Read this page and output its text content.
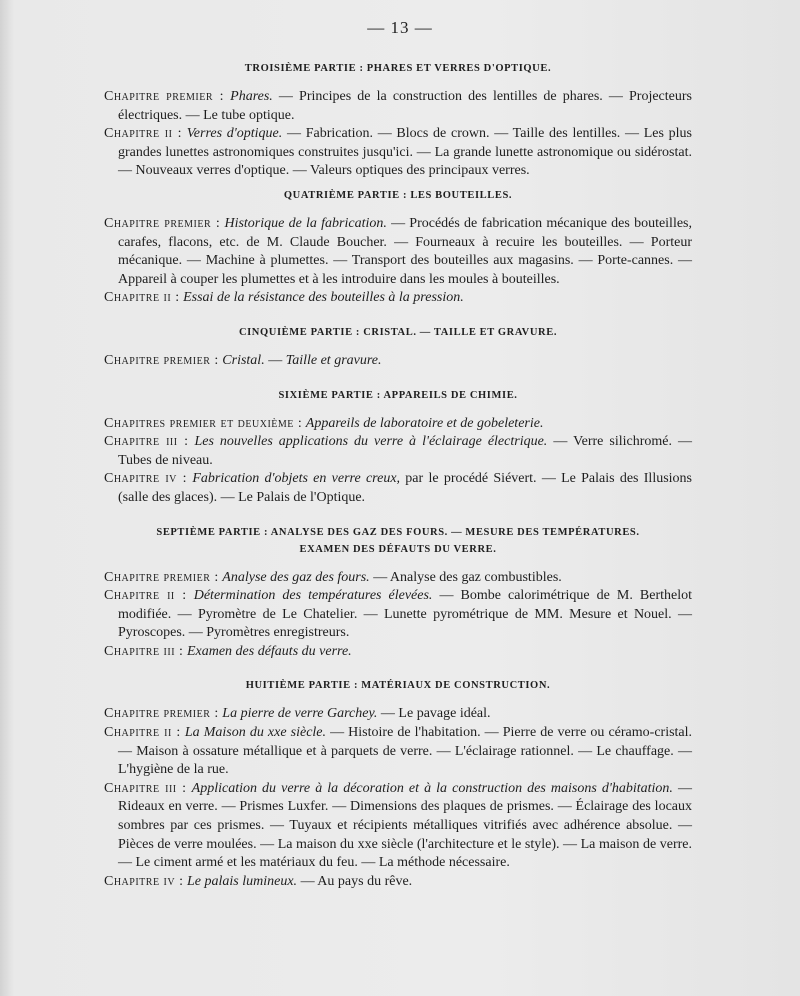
— 13 —
TROISIÈME PARTIE : PHARES ET VERRES D'OPTIQUE.

Chapitre premier : Phares. — Principes de la construction des lentilles de phares. — Projecteurs électriques. — Le tube optique.

Chapitre ii : Verres d'optique. — Fabrication. — Blocs de crown. — Taille des lentilles. — Les plus grandes lunettes astronomiques construites jusqu'ici. — La grande lunette astronomique ou sidérostat. — Nouveaux verres d'optique. — Valeurs optiques des principaux verres.

QUATRIÈME PARTIE : LES BOUTEILLES.

Chapitre premier : Historique de la fabrication. — Procédés de fabrication mécanique des bouteilles, carafes, flacons, etc. de M. Claude Boucher. — Fourneaux à recuire les bouteilles. — Porteur mécanique. — Machine à plumettes. — Transport des bouteilles aux magasins. — Porte-cannes. — Appareil à couper les plumettes et à les introduire dans les moules à bouteilles.

Chapitre ii : Essai de la résistance des bouteilles à la pression.

CINQUIÈME PARTIE : CRISTAL. — TAILLE ET GRAVURE.

Chapitre premier : Cristal. — Taille et gravure.

SIXIÈME PARTIE : APPAREILS DE CHIMIE.

Chapitres premier et deuxième : Appareils de laboratoire et de gobeleterie.

Chapitre iii : Les nouvelles applications du verre à l'éclairage électrique. — Verre silichromé. — Tubes de niveau.

Chapitre iv : Fabrication d'objets en verre creux, par le procédé Siévert. — Le Palais des Illusions (salle des glaces). — Le Palais de l'Optique.

SEPTIÈME PARTIE : ANALYSE DES GAZ DES FOURS. — MESURE DES TEMPÉRATURES.
EXAMEN DES DÉFAUTS DU VERRE.

Chapitre premier : Analyse des gaz des fours. — Analyse des gaz combustibles.

Chapitre ii : Détermination des températures élevées. — Bombe calorimétrique de M. Berthelot modifiée. — Pyromètre de Le Chatelier. — Lunette pyrométrique de MM. Mesure et Nouel. — Pyroscopes. — Pyromètres enregistreurs.

Chapitre iii : Examen des défauts du verre.

HUITIÈME PARTIE : MATÉRIAUX DE CONSTRUCTION.

Chapitre premier : La pierre de verre Garchey. — Le pavage idéal.

Chapitre ii : La Maison du xxe siècle. — Histoire de l'habitation. — Pierre de verre ou céramo-cristal. — Maison à ossature métallique et à parquets de verre. — L'éclairage rationnel. — Le chauffage. — L'hygiène de la rue.

Chapitre iii : Application du verre à la décoration et à la construction des maisons d'habitation. — Rideaux en verre. — Prismes Luxfer. — Dimensions des plaques de prismes. — Éclairage des locaux sombres par ces prismes. — Tuyaux et récipients métalliques vitrifiés avec adhérence absolue. — Pièces de verre moulées. — La maison du xxe siècle (l'architecture et le style). — La maison de verre. — Le ciment armé et les matériaux du feu. — La méthode nécessaire.

Chapitre iv : Le palais lumineux. — Au pays du rêve.
